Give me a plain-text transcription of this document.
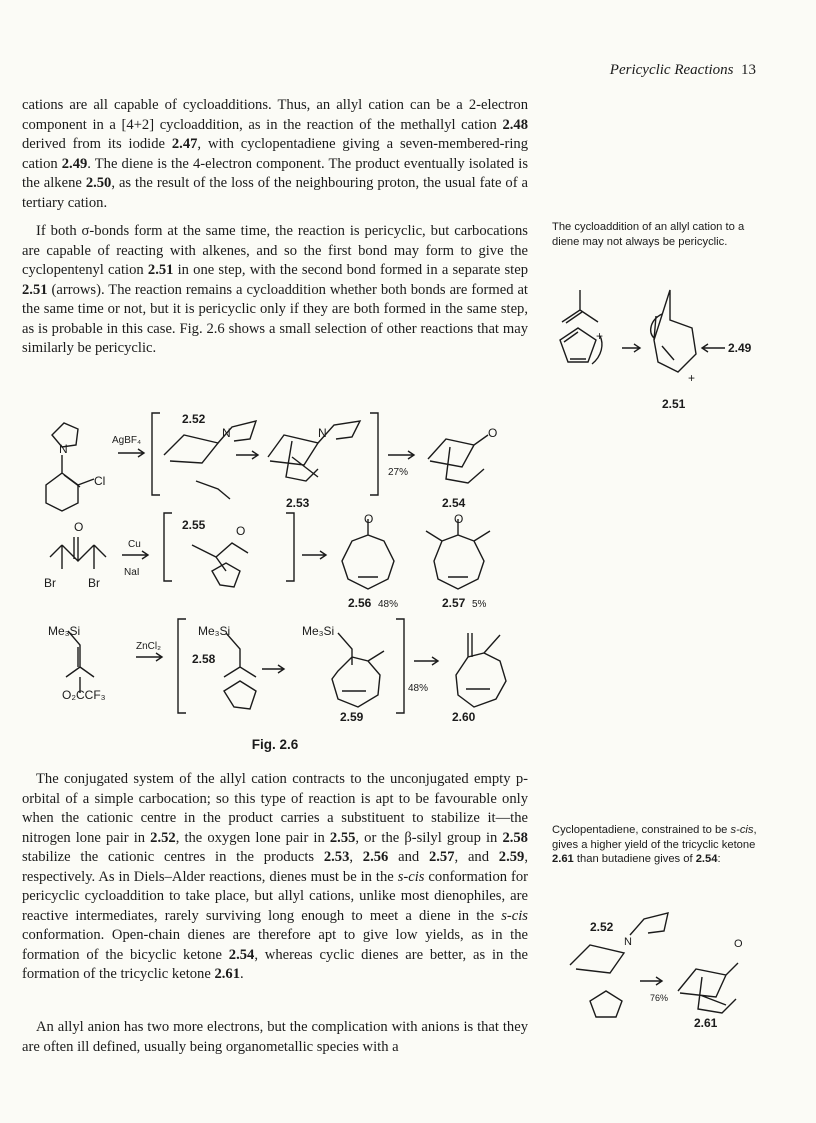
Pericyclic Reactions 13

cations are all capable of cycloadditions. Thus, an allyl cation can be a 2-electron component in a [4+2] cycloaddition, as in the reaction of the methallyl cation 2.48 derived from its iodide 2.47, with cyclopentadiene giving a seven-membered-ring cation 2.49. The diene is the 4-electron component. The product eventually isolated is the alkene 2.50, as the result of the loss of the neighbouring proton, the usual fate of a tertiary cation.

If both σ-bonds form at the same time, the reaction is pericyclic, but carbocations are capable of reacting with alkenes, and so the first bond may form to give the cyclopentenyl cation 2.51 in one step, with the second bond formed in a separate step 2.51 (arrows). The reaction remains a cycloaddition whether both bonds are formed at the same time or not, but it is pericyclic only if they are both formed in the same step, as is probable in this case. Fig. 2.6 shows a small selection of other reactions that may similarly be pericyclic.

The cycloaddition of an allyl cation to a diene may not always be pericyclic.

+
+
2.49
2.51
N
Cl
AgBF₄
2.52
N	N
2.53
27%
O
2.54
O
Br	Br
Cu
NaI
2.55	O
O	O
2.56 48%	2.57 5%
Me₃Si
O₂CCF₃
ZnCl₂
Me₃Si
2.58
Me₃Si
2.59
48%
2.60
Fig. 2.6

The conjugated system of the allyl cation contracts to the unconjugated empty p-orbital of a simple carbocation; so this type of reaction is apt to be favourable only when the cationic centre in the product carries a substituent to stabilize it—the nitrogen lone pair in 2.52, the oxygen lone pair in 2.55, or the β-silyl group in 2.58 stabilize the cationic centres in the products 2.53, 2.56 and 2.57, and 2.59, respectively. As in Diels–Alder reactions, dienes must be in the s-cis conformation for pericyclic cycloaddition to take place, but allyl cations, unlike most dienophiles, are reactive intermediates, rarely surviving long enough to meet a diene in the s-cis conformation. Open-chain dienes are therefore apt to give low yields, as in the formation of the bicyclic ketone 2.54, whereas cyclic dienes are better, as in the formation of the tricyclic ketone 2.61.

An allyl anion has two more electrons, but the complication with anions is that they are often ill defined, usually being organometallic species with a

Cyclopentadiene, constrained to be s-cis, gives a higher yield of the tricyclic ketone 2.61 than butadiene gives of 2.54:

2.52
N	O
76%
2.61
